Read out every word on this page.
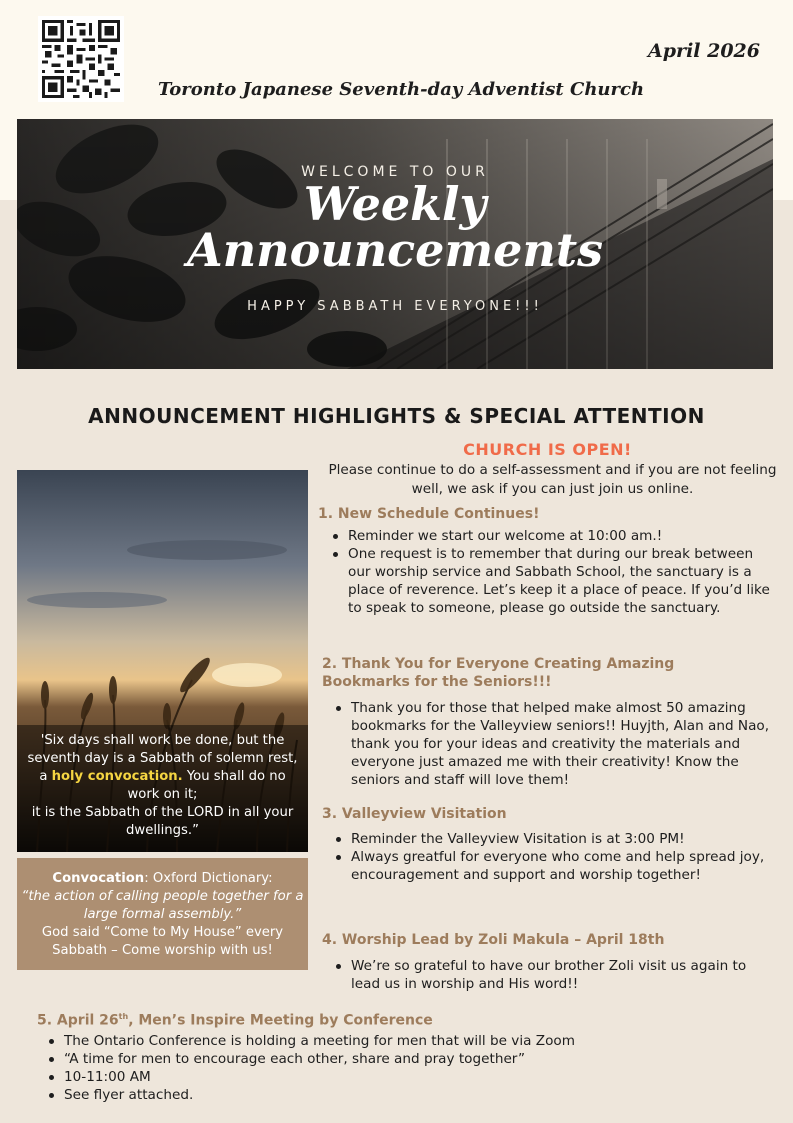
April 2026
Toronto Japanese Seventh-day Adventist Church
WELCOME TO OUR
Weekly
Announcements
HAPPY SABBATH EVERYONE!!!
ANNOUNCEMENT HIGHLIGHTS & SPECIAL ATTENTION
'Six days shall work be done, but the seventh day is a Sabbath of solemn rest, a holy convocation. You shall do no work on it;
it is the Sabbath of the LORD in all your dwellings.”
Convocation: Oxford Dictionary:
“the action of calling people together for a large formal assembly.”
God said “Come to My House” every Sabbath – Come worship with us!
CHURCH IS OPEN!
Please continue to do a self-assessment and if you are not feeling well, we ask if you can just join us online.
1. New Schedule Continues!
Reminder we start our welcome at 10:00 am.!
One request is to remember that during our break between our worship service and Sabbath School, the sanctuary is a place of reverence. Let’s keep it a place of peace. If you’d like to speak to someone, please go outside the sanctuary.
2. Thank You for Everyone Creating Amazing Bookmarks for the Seniors!!!
Thank you for those that helped make almost 50 amazing bookmarks for the Valleyview seniors!! Huyjth, Alan and Nao, thank you for your ideas and creativity the materials and everyone just amazed me with their creativity! Know the seniors and staff will love them!
3. Valleyview Visitation
Reminder the Valleyview Visitation is at 3:00 PM!
Always greatful for everyone who come and help spread joy, encouragement and support and worship together!
4. Worship Lead by Zoli Makula – April 18th
We’re so grateful to have our brother Zoli visit us again to lead us in worship and His word!!
5. April 26th, Men’s Inspire Meeting by Conference
The Ontario Conference is holding a meeting for men that will be via Zoom
“A time for men to encourage each other, share and pray together”
10-11:00 AM
See flyer attached.
